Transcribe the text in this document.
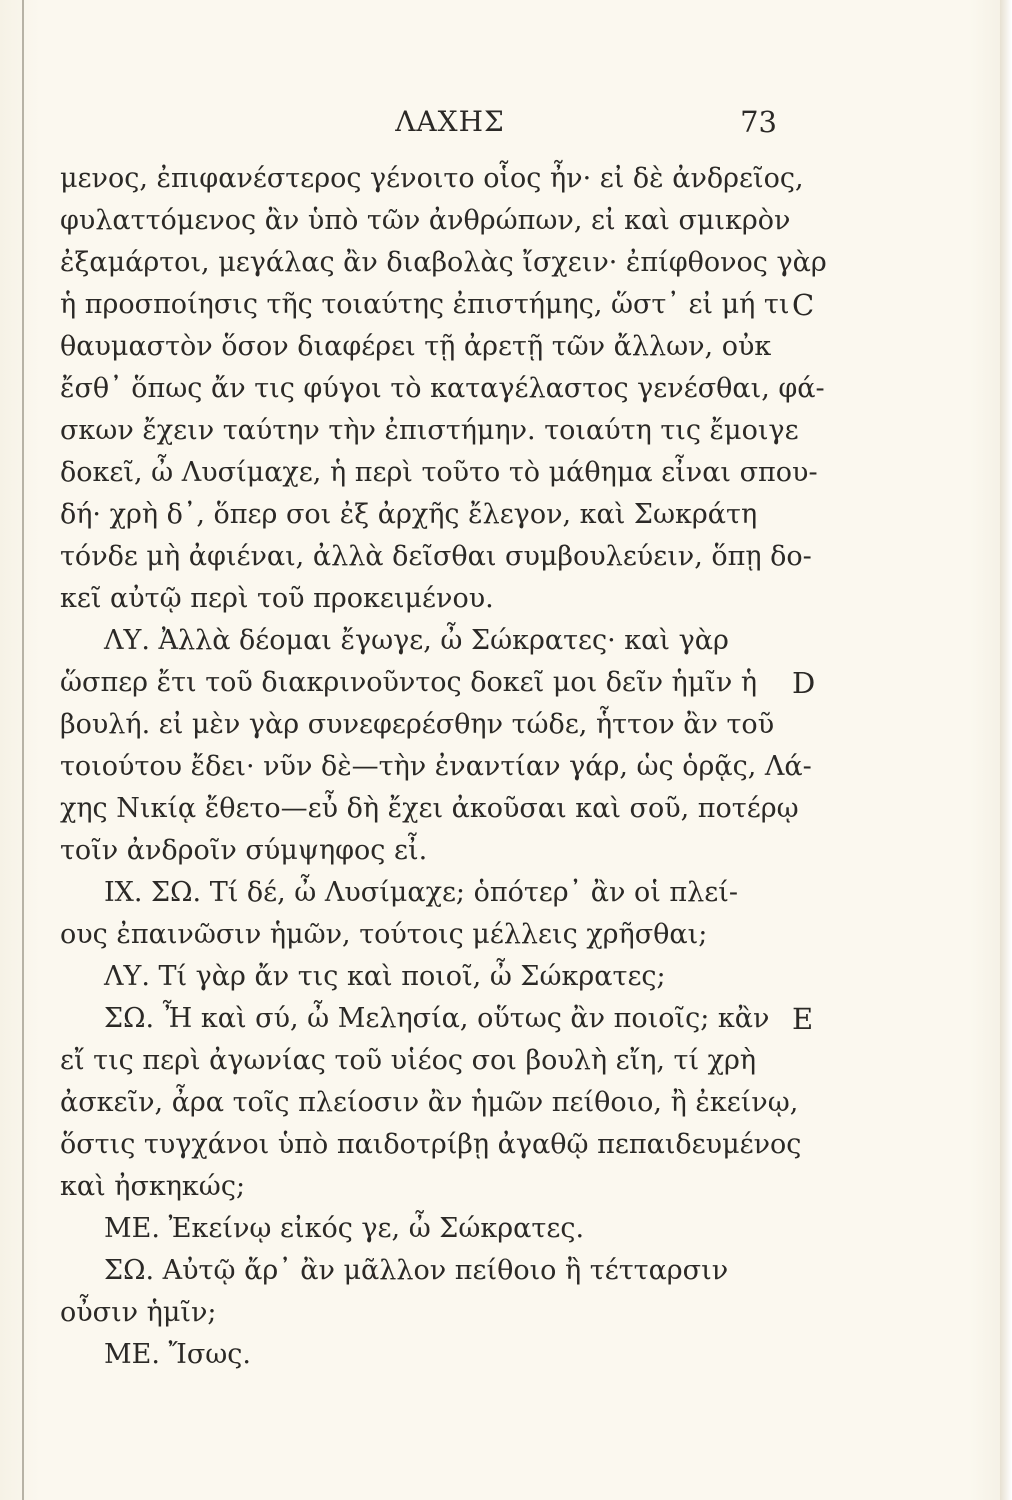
ΛΑΧΗΣ	73
μενος, ἐπιφανέστερος γένοιτο οἷος ἦν· εἰ δὲ ἀνδρεῖος,
φυλαττόμενος ἂν ὑπὸ τῶν ἀνθρώπων, εἰ καὶ σμικρὸν
ἐξαμάρτοι, μεγάλας ἂν διαβολὰς ἴσχειν· ἐπίφθονος γὰρ
ἡ προσποίησις τῆς τοιαύτης ἐπιστήμης, ὥστ᾽ εἰ μή τι
θαυμαστὸν ὅσον διαφέρει τῇ ἀρετῇ τῶν ἄλλων, οὐκ
ἔσθ᾽ ὅπως ἄν τις φύγοι τὸ καταγέλαστος γενέσθαι, φά-
σκων ἔχειν ταύτην τὴν ἐπιστήμην. τοιαύτη τις ἔμοιγε
δοκεῖ, ὦ Λυσίμαχε, ἡ περὶ τοῦτο τὸ μάθημα εἶναι σπου-
δή· χρὴ δ᾽, ὅπερ σοι ἐξ ἀρχῆς ἔλεγον, καὶ Σωκράτη
τόνδε μὴ ἀφιέναι, ἀλλὰ δεῖσθαι συμβουλεύειν, ὅπῃ δο-
κεῖ αὐτῷ περὶ τοῦ προκειμένου.
ΛΥ. Ἀλλὰ δέομαι ἔγωγε, ὦ Σώκρατες· καὶ γὰρ
ὥσπερ ἔτι τοῦ διακρινοῦντος δοκεῖ μοι δεῖν ἡμῖν ἡ
βουλή. εἰ μὲν γὰρ συνεφερέσθην τώδε, ἧττον ἂν τοῦ
τοιούτου ἔδει· νῦν δὲ—τὴν ἐναντίαν γάρ, ὡς ὁρᾷς, Λά-
χης Νικίᾳ ἔθετο—εὖ δὴ ἔχει ἀκοῦσαι καὶ σοῦ, ποτέρῳ
τοῖν ἀνδροῖν σύμψηφος εἶ.
IX. ΣΩ. Τί δέ, ὦ Λυσίμαχε; ὁπότερ᾽ ἂν οἱ πλεί-
ους ἐπαινῶσιν ἡμῶν, τούτοις μέλλεις χρῆσθαι;
ΛΥ. Τί γὰρ ἄν τις καὶ ποιοῖ, ὦ Σώκρατες;
ΣΩ. Ἦ καὶ σύ, ὦ Μελησία, οὕτως ἂν ποιοῖς; κἂν
εἴ τις περὶ ἀγωνίας τοῦ υἱέος σοι βουλὴ εἴη, τί χρὴ
ἀσκεῖν, ἆρα τοῖς πλείοσιν ἂν ἡμῶν πείθοιο, ἢ ἐκείνῳ,
ὅστις τυγχάνοι ὑπὸ παιδοτρίβῃ ἀγαθῷ πεπαιδευμένος
καὶ ἠσκηκώς;
ΜΕ. Ἐκείνῳ εἰκός γε, ὦ Σώκρατες.
ΣΩ. Αὐτῷ ἄρ᾽ ἂν μᾶλλον πείθοιο ἢ τέτταρσιν
οὖσιν ἡμῖν;
ΜΕ. Ἴσως.
C
D
E
